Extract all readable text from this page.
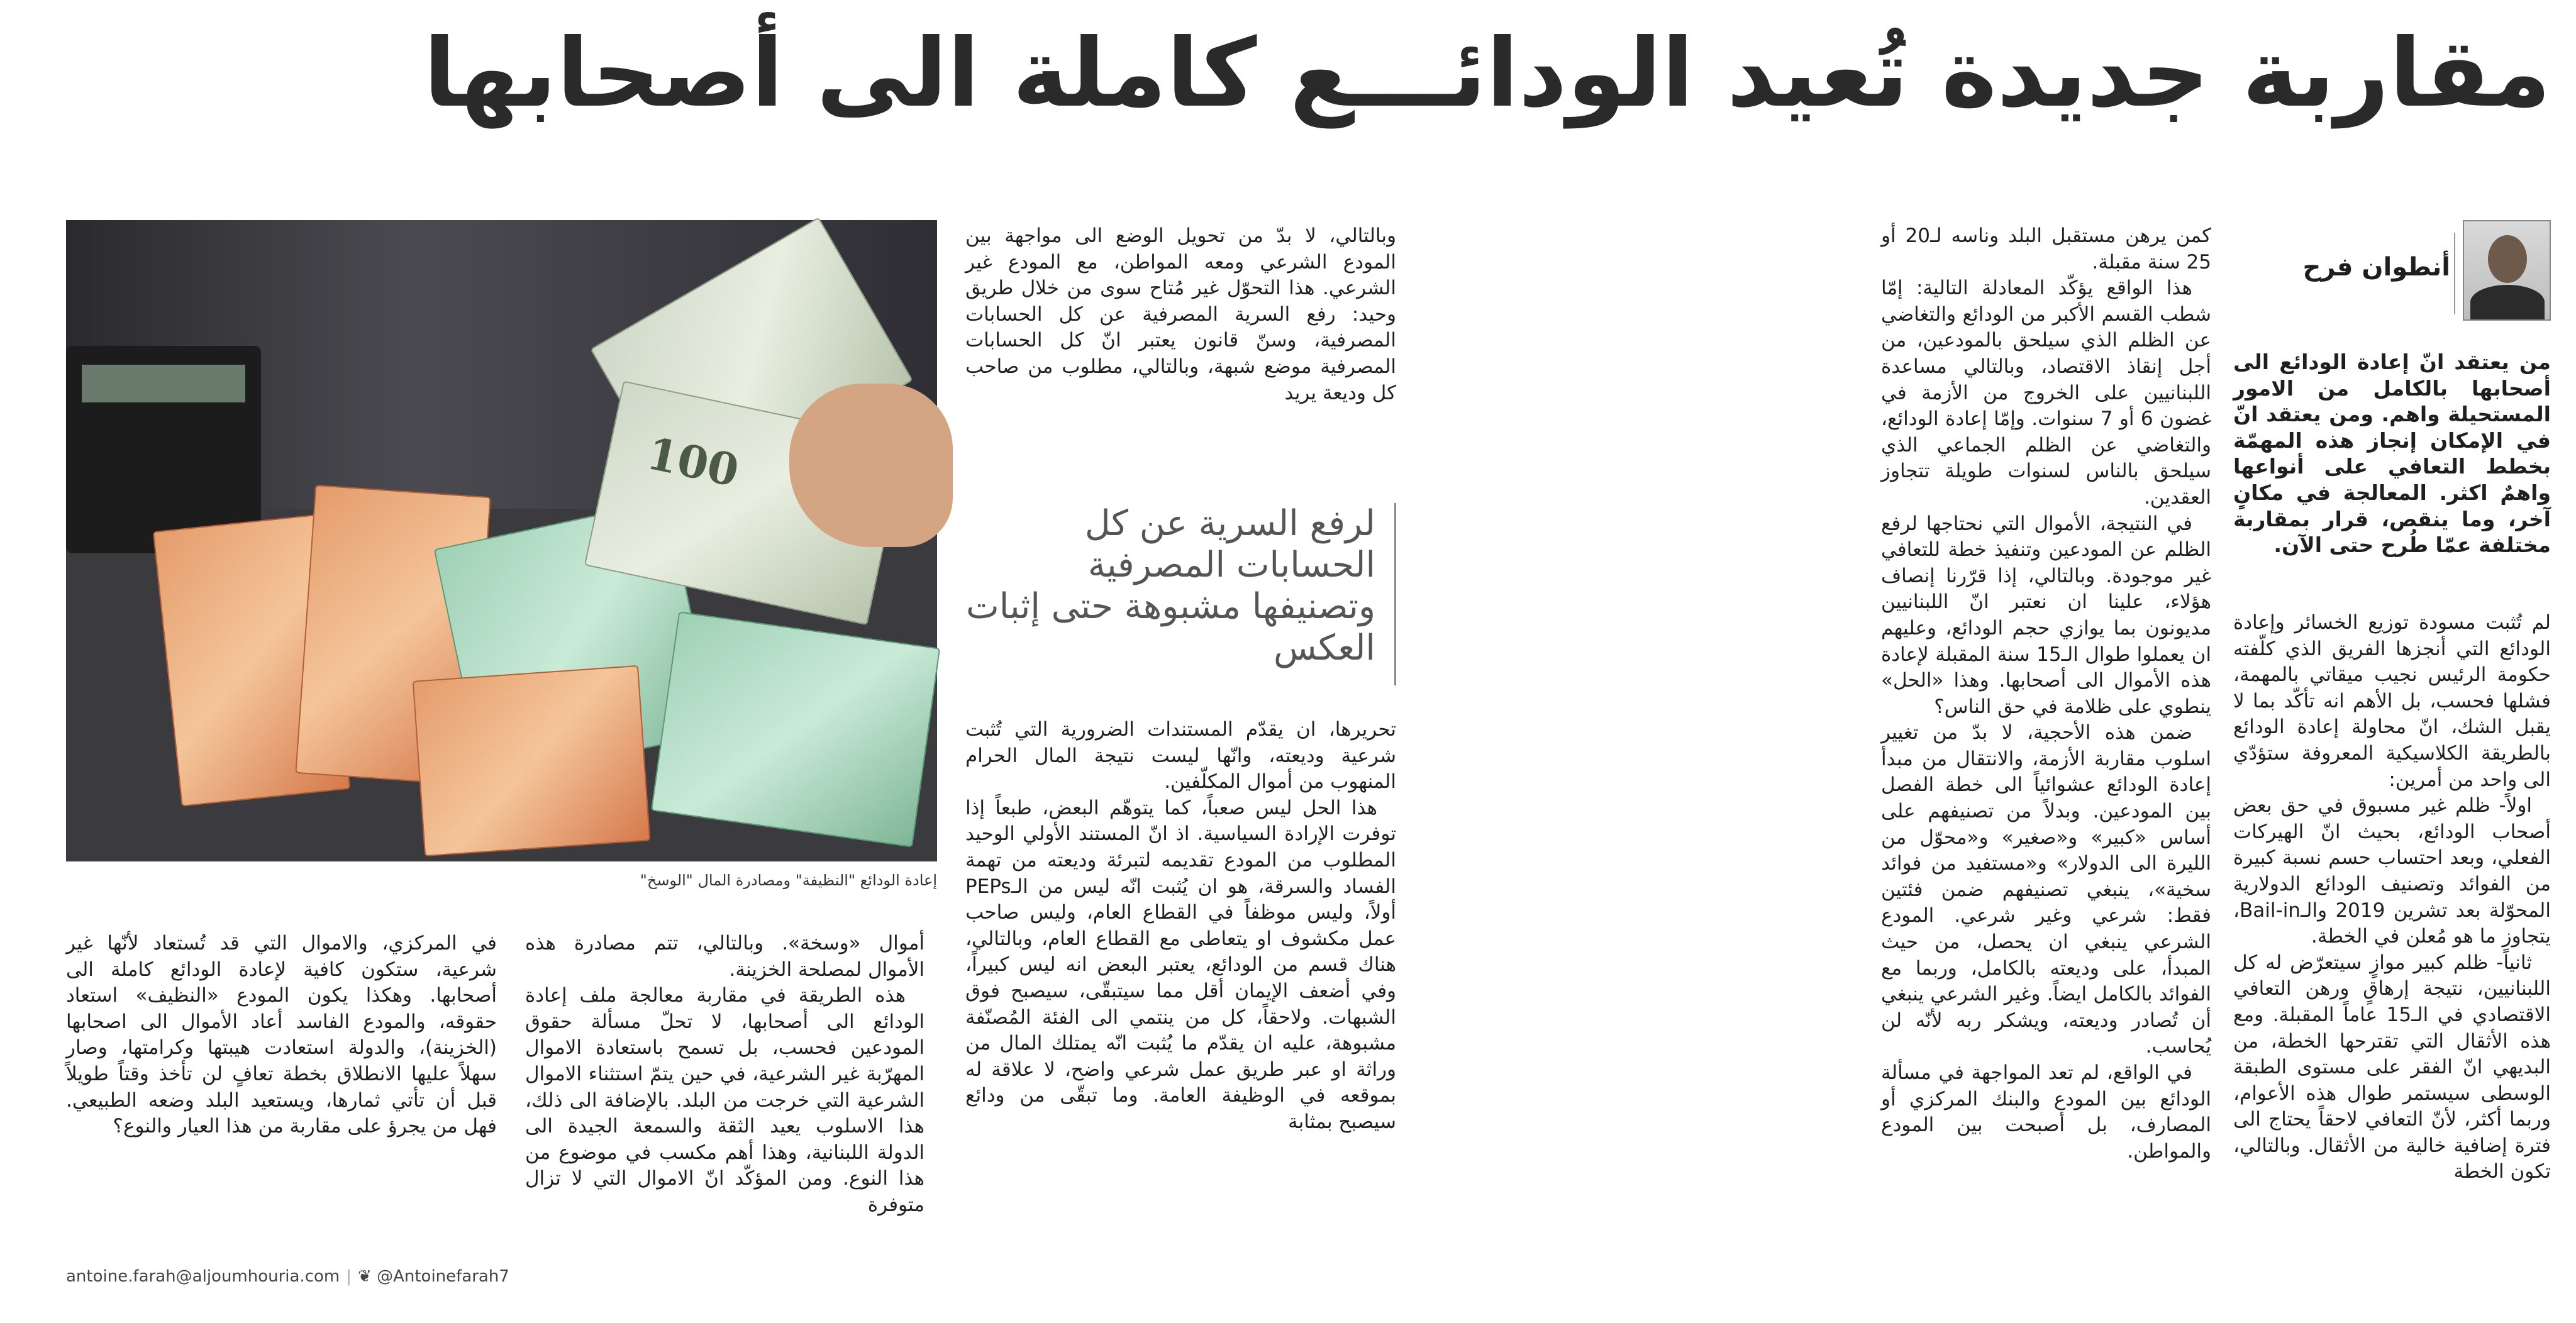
مقاربة جديدة تُعيد الودائـــع كاملة الى أصحابها
أنطوان فرح
من يعتقد انّ إعادة الودائع الى أصحابها بالكامل من الامور المستحيلة واهم. ومن يعتقد انّ في الإمكان إنجاز هذه المهمّة بخطط التعافي على أنواعها واهمٌ اكثر. المعالجة في مكانٍ آخر، وما ينقص، قرار بمقاربة مختلفة عمّا طُرح حتى الآن.

لم تُثبت مسودة توزيع الخسائر وإعادة الودائع التي أنجزها الفريق الذي كلّفته حكومة الرئيس نجيب ميقاتي بالمهمة، فشلها فحسب، بل الأهم انه تأكّد بما لا يقبل الشك، انّ محاولة إعادة الودائع بالطريقة الكلاسيكية المعروفة ستؤدّي الى واحد من أمرين:

اولاً- ظلم غير مسبوق في حق بعض أصحاب الودائع، بحيث انّ الهيركات الفعلي، وبعد احتساب حسم نسبة كبيرة من الفوائد وتصنيف الودائع الدولارية المحوّلة بعد تشرين 2019 والـBail-in، يتجاوز ما هو مُعلن في الخطة.

ثانياً- ظلم كبير موازٍ سيتعرّض له كل اللبنانيين، نتيجة إرهاقٍ ورهن التعافي الاقتصادي في الـ15 عاماً المقبلة. ومع هذه الأثقال التي تقترحها الخطة، من البديهي انّ الفقر على مستوى الطبقة الوسطى سيستمر طوال هذه الأعوام، وربما أكثر، لأنّ التعافي لاحقاً يحتاج الى فترة إضافية خالية من الأثقال. وبالتالي، تكون الخطة

كمن يرهن مستقبل البلد وناسه لـ20 أو 25 سنة مقبلة.

هذا الواقع يؤكّد المعادلة التالية: إمّا شطب القسم الأكبر من الودائع والتغاضي عن الظلم الذي سيلحق بالمودعين، من أجل إنقاذ الاقتصاد، وبالتالي مساعدة اللبنانيين على الخروج من الأزمة في غضون 6 أو 7 سنوات. وإمّا إعادة الودائع، والتغاضي عن الظلم الجماعي الذي سيلحق بالناس لسنوات طويلة تتجاوز العقدين.

في النتيجة، الأموال التي نحتاجها لرفع الظلم عن المودعين وتنفيذ خطة للتعافي غير موجودة. وبالتالي، إذا قرّرنا إنصاف هؤلاء، علينا ان نعتبر انّ اللبنانيين مديونون بما يوازي حجم الودائع، وعليهم ان يعملوا طوال الـ15 سنة المقبلة لإعادة هذه الأموال الى أصحابها. وهذا «الحل» ينطوي على ظلامة في حق الناس؟

ضمن هذه الأحجية، لا بدّ من تغيير اسلوب مقاربة الأزمة، والانتقال من مبدأ إعادة الودائع عشوائياً الى خطة الفصل بين المودعين. وبدلاً من تصنيفهم على أساس «كبير» و«صغير» و«محوّل من الليرة الى الدولار» و«مستفيد من فوائد سخية»، ينبغي تصنيفهم ضمن فئتين فقط: شرعي وغير شرعي. المودع الشرعي ينبغي ان يحصل، من حيث المبدأ، على وديعته بالكامل، وربما مع الفوائد بالكامل ايضاً. وغير الشرعي ينبغي أن تُصادر وديعته، ويشكر ربه لأنّه لن يُحاسب.

في الواقع، لم تعد المواجهة في مسألة الودائع بين المودع والبنك المركزي أو المصارف، بل أصبحت بين المودع والمواطن.

وبالتالي، لا بدّ من تحويل الوضع الى مواجهة بين المودع الشرعي ومعه المواطن، مع المودع غير الشرعي. هذا التحوّل غير مُتاح سوى من خلال طريق وحيد: رفع السرية المصرفية عن كل الحسابات المصرفية، وسنّ قانون يعتبر انّ كل الحسابات المصرفية موضع شبهة، وبالتالي، مطلوب من صاحب كل وديعة يريد

لرفع السرية عن كل الحسابات المصرفية وتصنيفها مشبوهة حتى إثبات العكس

تحريرها، ان يقدّم المستندات الضرورية التي تُثبت شرعية وديعته، وانّها ليست نتيجة المال الحرام المنهوب من أموال المكلّفين.

هذا الحل ليس صعباً، كما يتوهّم البعض، طبعاً إذا توفرت الإرادة السياسية. اذ انّ المستند الأولي الوحيد المطلوب من المودع تقديمه لتبرئة وديعته من تهمة الفساد والسرقة، هو ان يُثبت انّه ليس من الـPEPs أولاً، وليس موظفاً في القطاع العام، وليس صاحب عمل مكشوف او يتعاطى مع القطاع العام، وبالتالي، هناك قسم من الودائع، يعتبر البعض انه ليس كبيراً، وفي أضعف الإيمان أقل مما سيتبقّى، سيصبح فوق الشبهات. ولاحقاً، كل من ينتمي الى الفئة المُصنّفة مشبوهة، عليه ان يقدّم ما يُثبت انّه يمتلك المال من وراثة او عبر طريق عمل شرعي واضح، لا علاقة له بموقعه في الوظيفة العامة. وما تبقّى من ودائع سيصبح بمثابة

100
إعادة الودائع "النظيفة" ومصادرة المال "الوسخ"

أموال «وسخة». وبالتالي، تتم مصادرة هذه الأموال لمصلحة الخزينة.

هذه الطريقة في مقاربة معالجة ملف إعادة الودائع الى أصحابها، لا تحلّ مسألة حقوق المودعين فحسب، بل تسمح باستعادة الاموال المهرّبة غير الشرعية، في حين يتمّ استثناء الاموال الشرعية التي خرجت من البلد. بالإضافة الى ذلك، هذا الاسلوب يعيد الثقة والسمعة الجيدة الى الدولة اللبنانية، وهذا أهم مكسب في موضوع من هذا النوع. ومن المؤكّد انّ الاموال التي لا تزال متوفرة

في المركزي، والاموال التي قد تُستعاد لأنّها غير شرعية، ستكون كافية لإعادة الودائع كاملة الى أصحابها. وهكذا يكون المودع «النظيف» استعاد حقوقه، والمودع الفاسد أعاد الأموال الى اصحابها (الخزينة)، والدولة استعادت هيبتها وكرامتها، وصار سهلاً عليها الانطلاق بخطة تعافٍ لن تأخذ وقتاً طويلاً قبل أن تأتي ثمارها، ويستعيد البلد وضعه الطبيعي. فهل من يجرؤ على مقاربة من هذا العيار والنوع؟

antoine.farah@aljoumhouria.com | ❦ @Antoinefarah7
